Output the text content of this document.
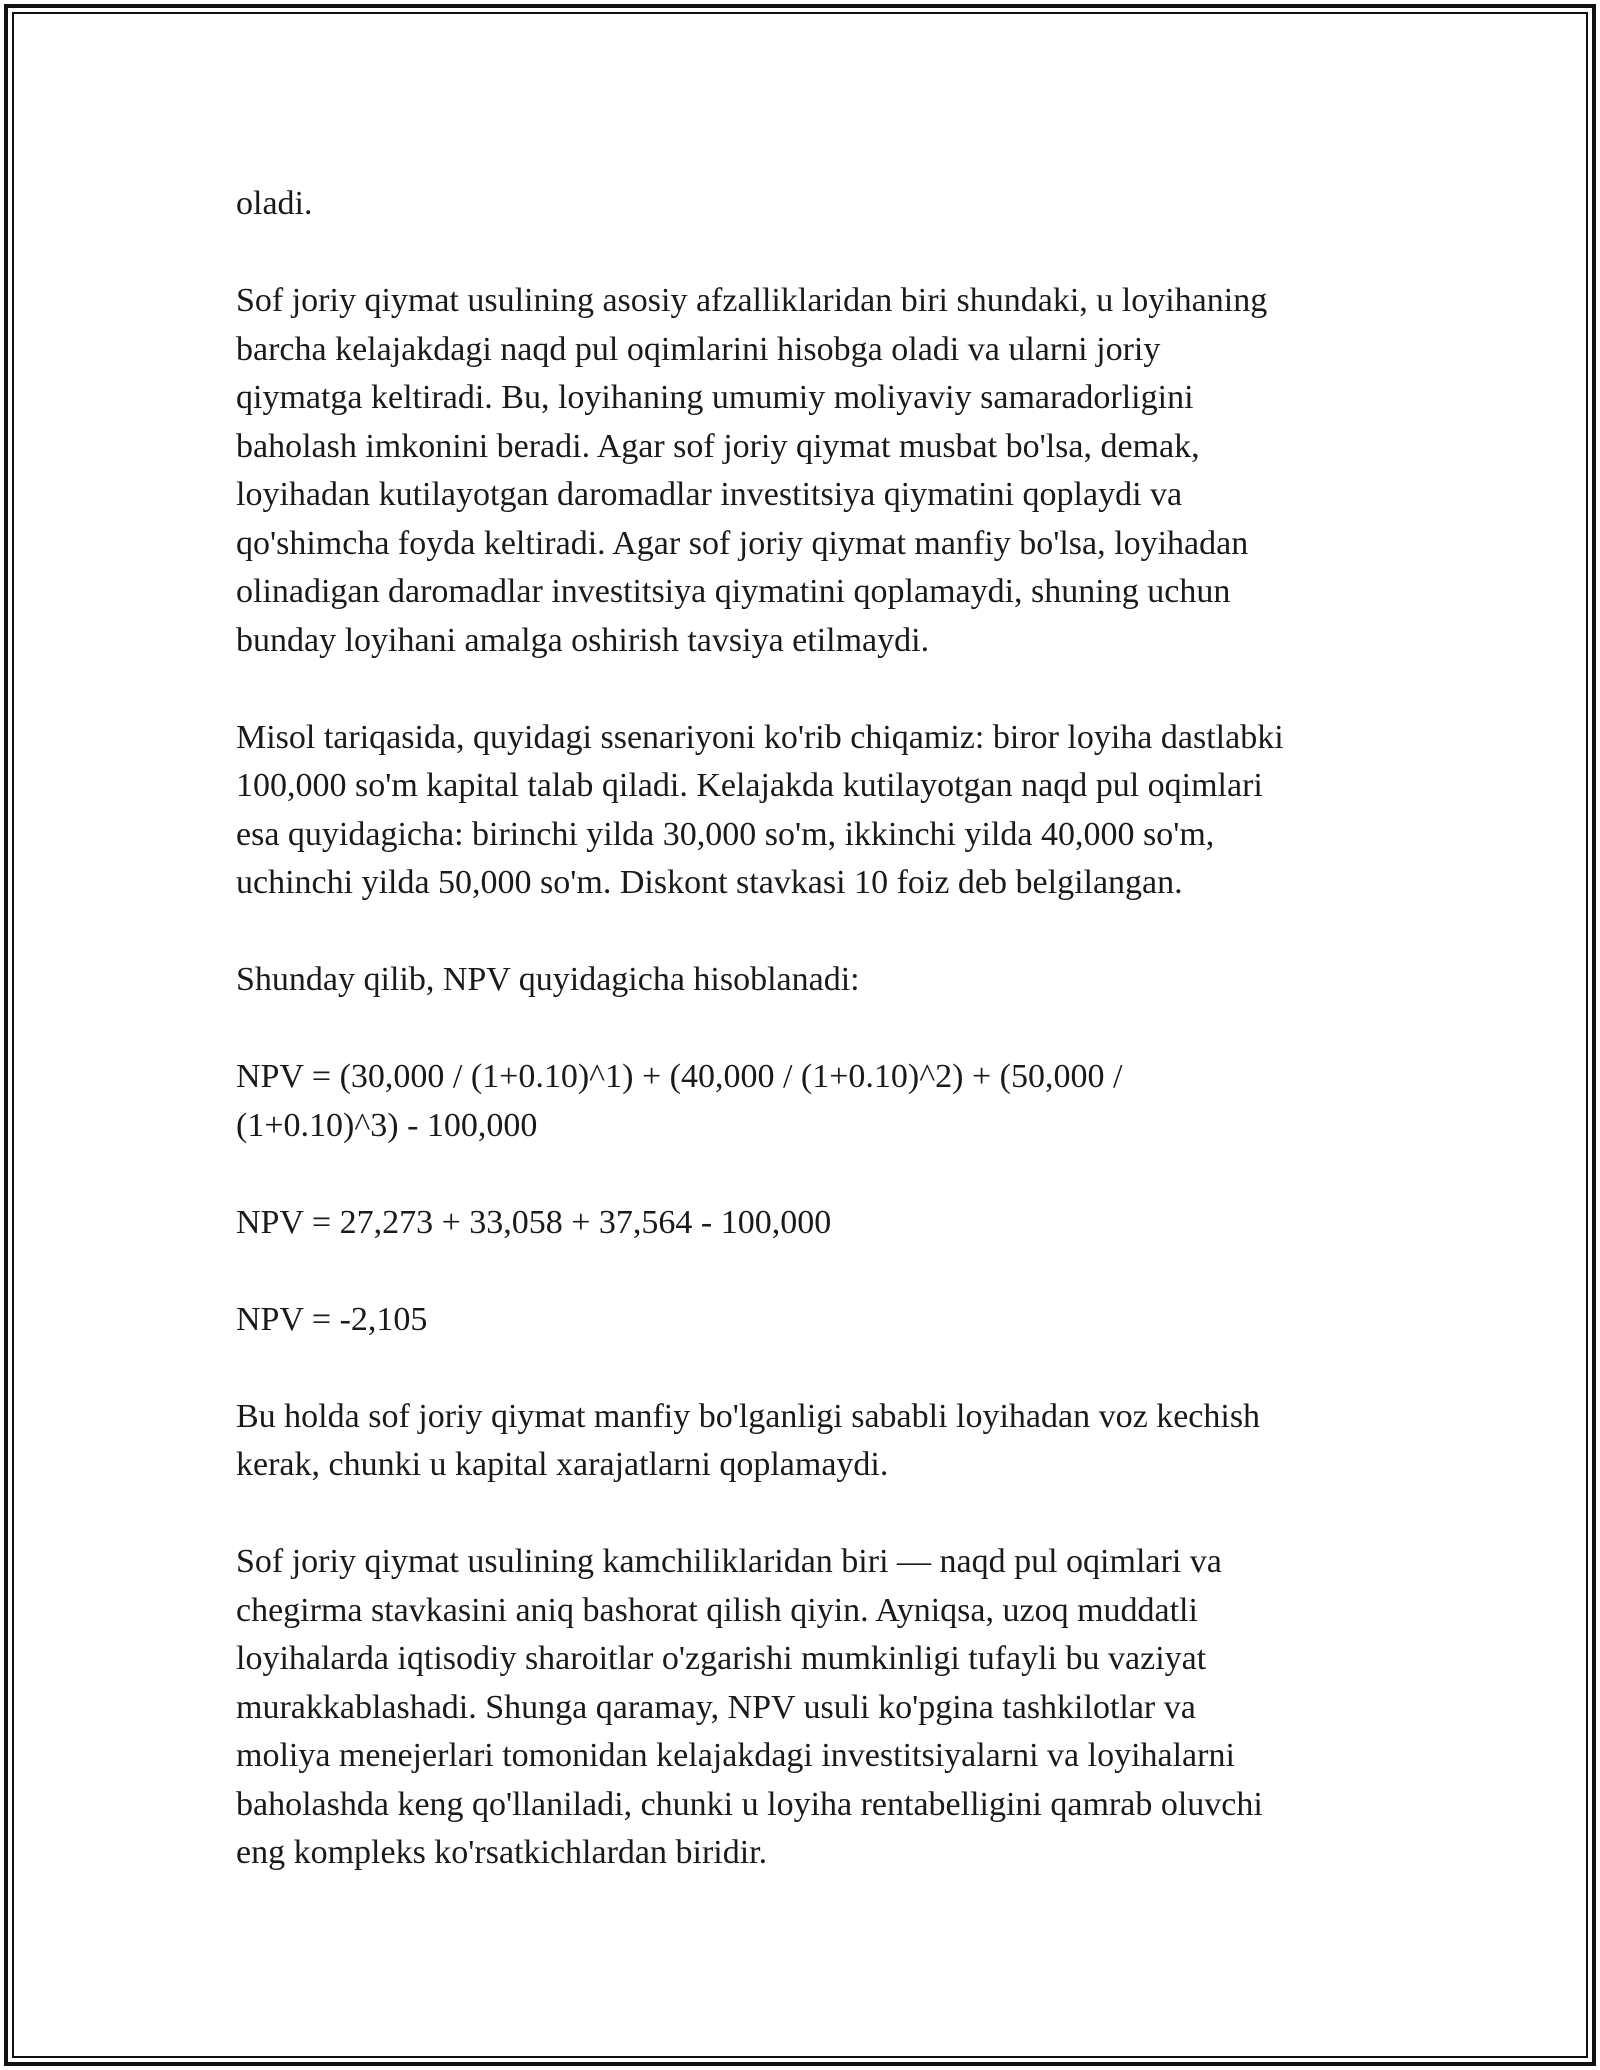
oladi.

Sof joriy qiymat usulining asosiy afzalliklaridan biri shundaki, u loyihaning
barcha kelajakdagi naqd pul oqimlarini hisobga oladi va ularni joriy
qiymatga keltiradi. Bu, loyihaning umumiy moliyaviy samaradorligini
baholash imkonini beradi. Agar sof joriy qiymat musbat bo'lsa, demak,
loyihadan kutilayotgan daromadlar investitsiya qiymatini qoplaydi va
qo'shimcha foyda keltiradi. Agar sof joriy qiymat manfiy bo'lsa, loyihadan
olinadigan daromadlar investitsiya qiymatini qoplamaydi, shuning uchun
bunday loyihani amalga oshirish tavsiya etilmaydi.

Misol tariqasida, quyidagi ssenariyoni ko'rib chiqamiz: biror loyiha dastlabki
100,000 so'm kapital talab qiladi. Kelajakda kutilayotgan naqd pul oqimlari
esa quyidagicha: birinchi yilda 30,000 so'm, ikkinchi yilda 40,000 so'm,
uchinchi yilda 50,000 so'm. Diskont stavkasi 10 foiz deb belgilangan.

Shunday qilib, NPV quyidagicha hisoblanadi:

NPV = (30,000 / (1+0.10)^1) + (40,000 / (1+0.10)^2) + (50,000 /
(1+0.10)^3) - 100,000

NPV = 27,273 + 33,058 + 37,564 - 100,000

NPV = -2,105

Bu holda sof joriy qiymat manfiy bo'lganligi sababli loyihadan voz kechish
kerak, chunki u kapital xarajatlarni qoplamaydi.

Sof joriy qiymat usulining kamchiliklaridan biri — naqd pul oqimlari va
chegirma stavkasini aniq bashorat qilish qiyin. Ayniqsa, uzoq muddatli
loyihalarda iqtisodiy sharoitlar o'zgarishi mumkinligi tufayli bu vaziyat
murakkablashadi. Shunga qaramay, NPV usuli ko'pgina tashkilotlar va
moliya menejerlari tomonidan kelajakdagi investitsiyalarni va loyihalarni
baholashda keng qo'llaniladi, chunki u loyiha rentabelligini qamrab oluvchi
eng kompleks ko'rsatkichlardan biridir.
